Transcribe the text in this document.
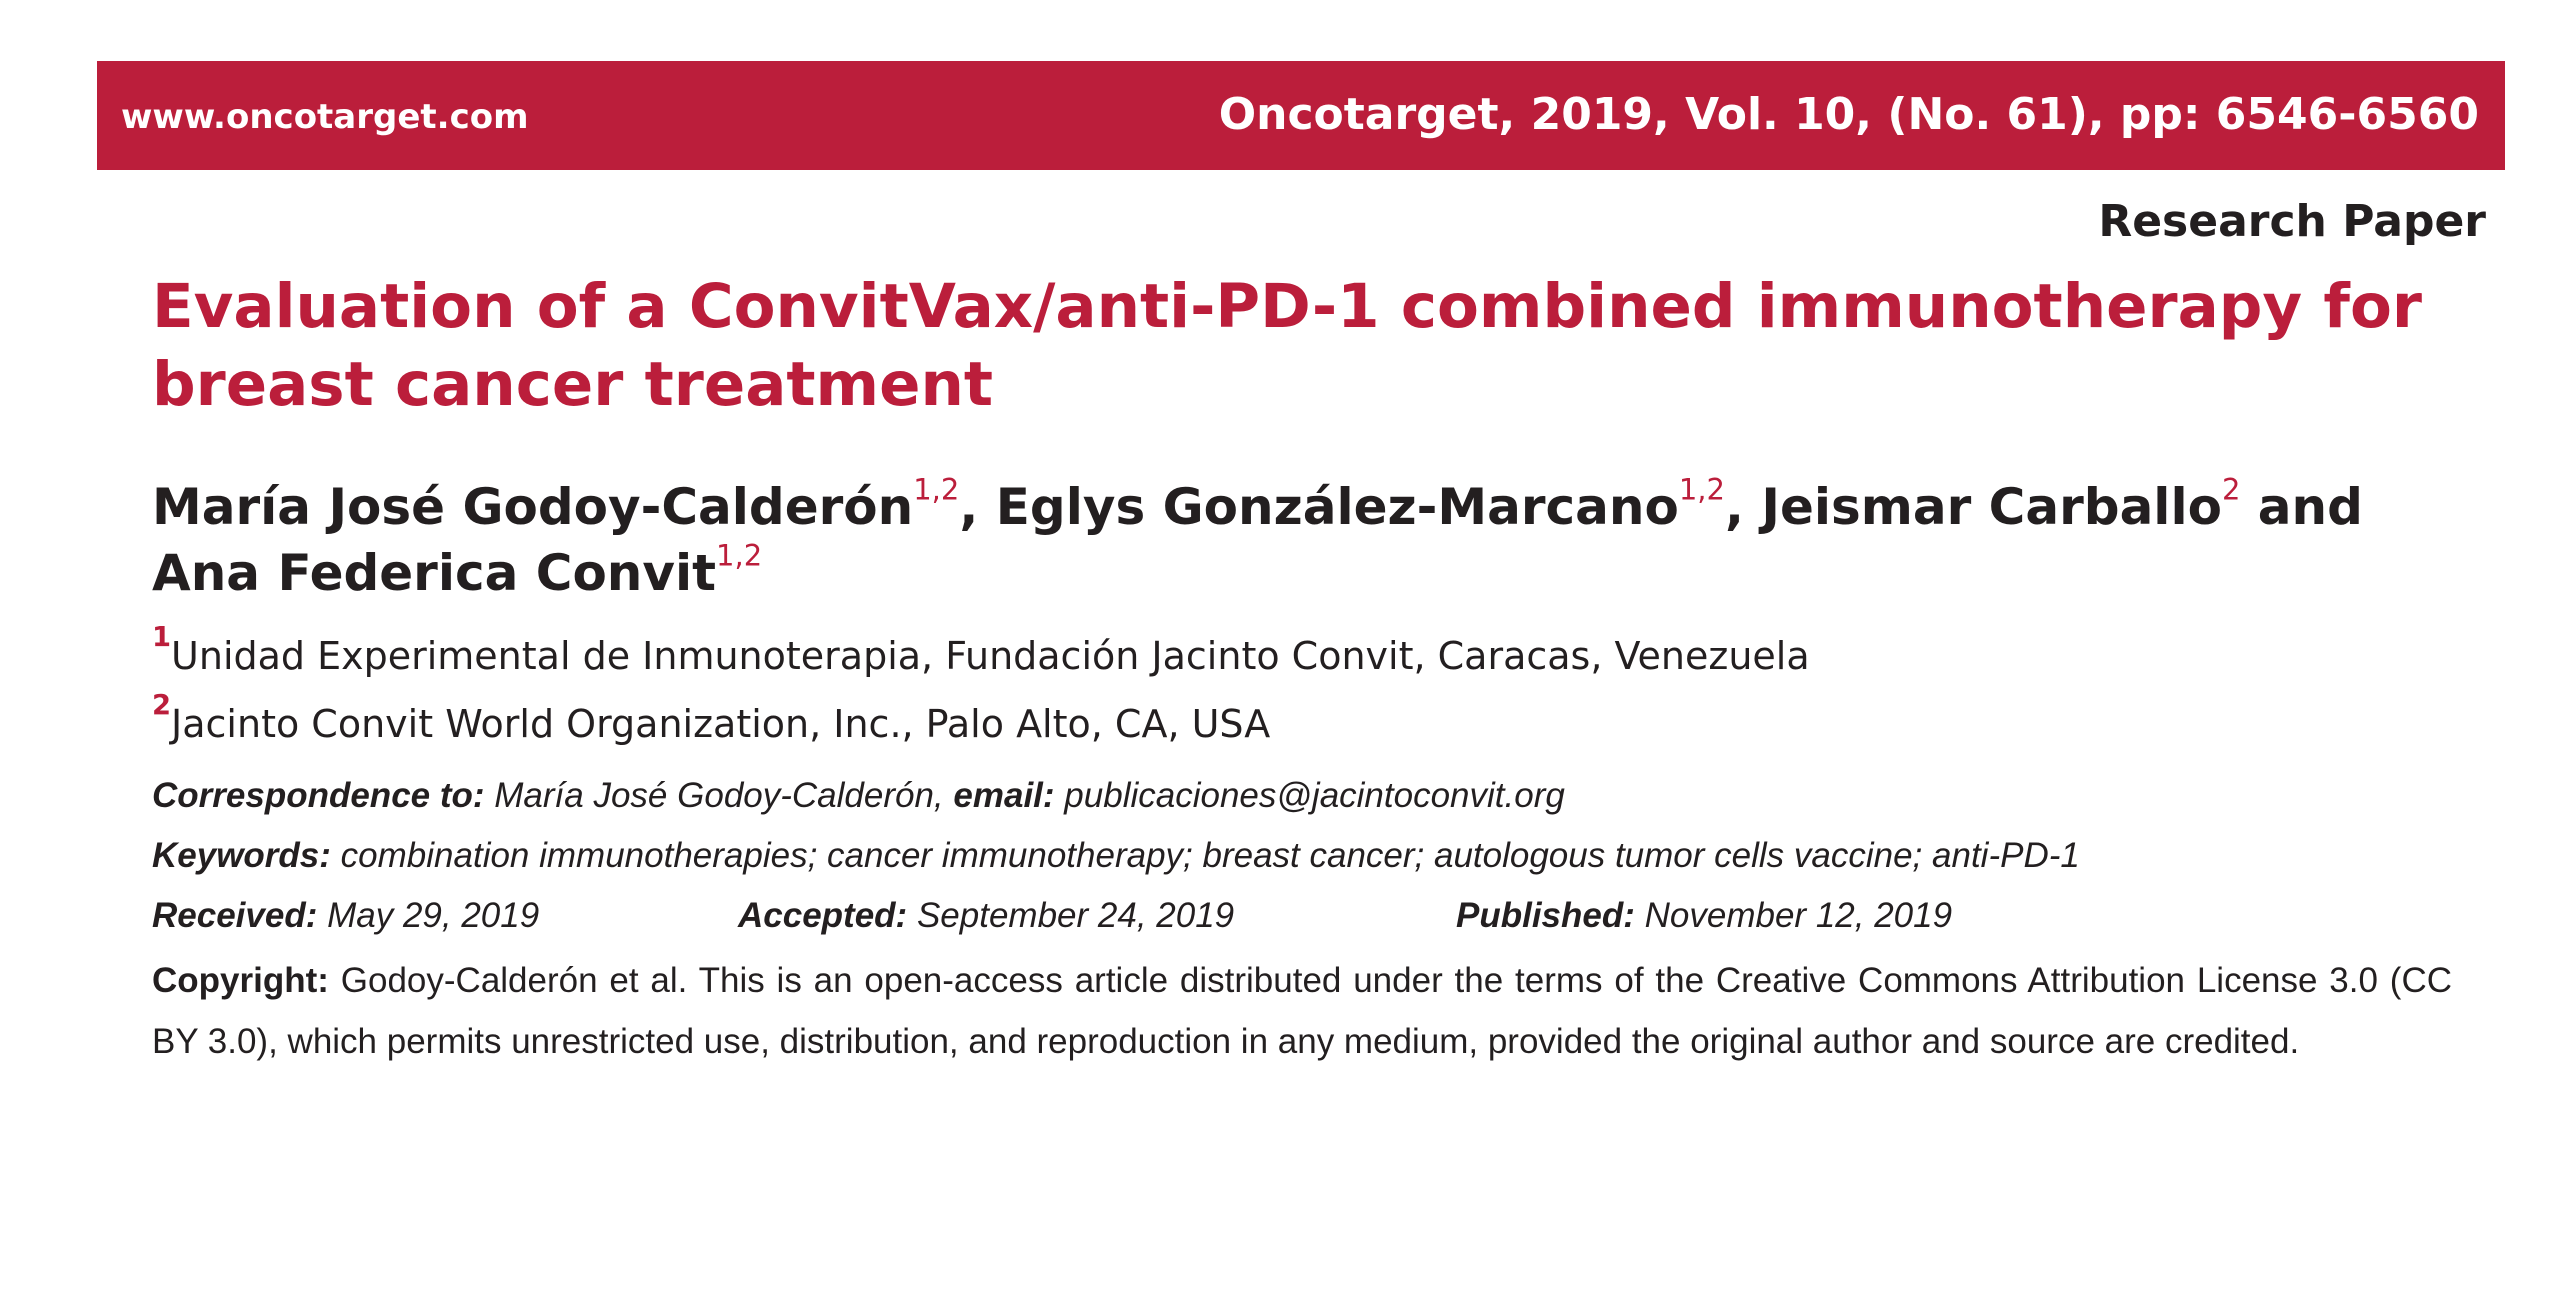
www.oncotarget.com	Oncotarget, 2019, Vol. 10, (No. 61), pp: 6546-6560
Research Paper
Evaluation of a ConvitVax/anti-PD-1 combined immunotherapy for breast cancer treatment

María José Godoy-Calderón$^{1,2}$, Eglys González-Marcano$^{1,2}$, Jeismar Carballo$^2$ and
Ana Federica Convit$^{1,2}$

$^1$Unidad Experimental de Inmunoterapia, Fundación Jacinto Convit, Caracas, Venezuela
$^2$Jacinto Convit World Organization, Inc., Palo Alto, CA, USA
Correspondence to: María José Godoy-Calderón, email: publicaciones@jacintoconvit.org
Keywords: combination immunotherapies; cancer immunotherapy; breast cancer; autologous tumor cells vaccine; anti-PD-1
Received: May 29, 2019	Accepted: September 24, 2019	Published: November 12, 2019

Copyright: Godoy-Calderón et al. This is an open-access article distributed under the terms of the Creative Commons Attribution License 3.0 (CC BY 3.0), which permits unrestricted use, distribution, and reproduction in any medium, provided the original author and source are credited.
